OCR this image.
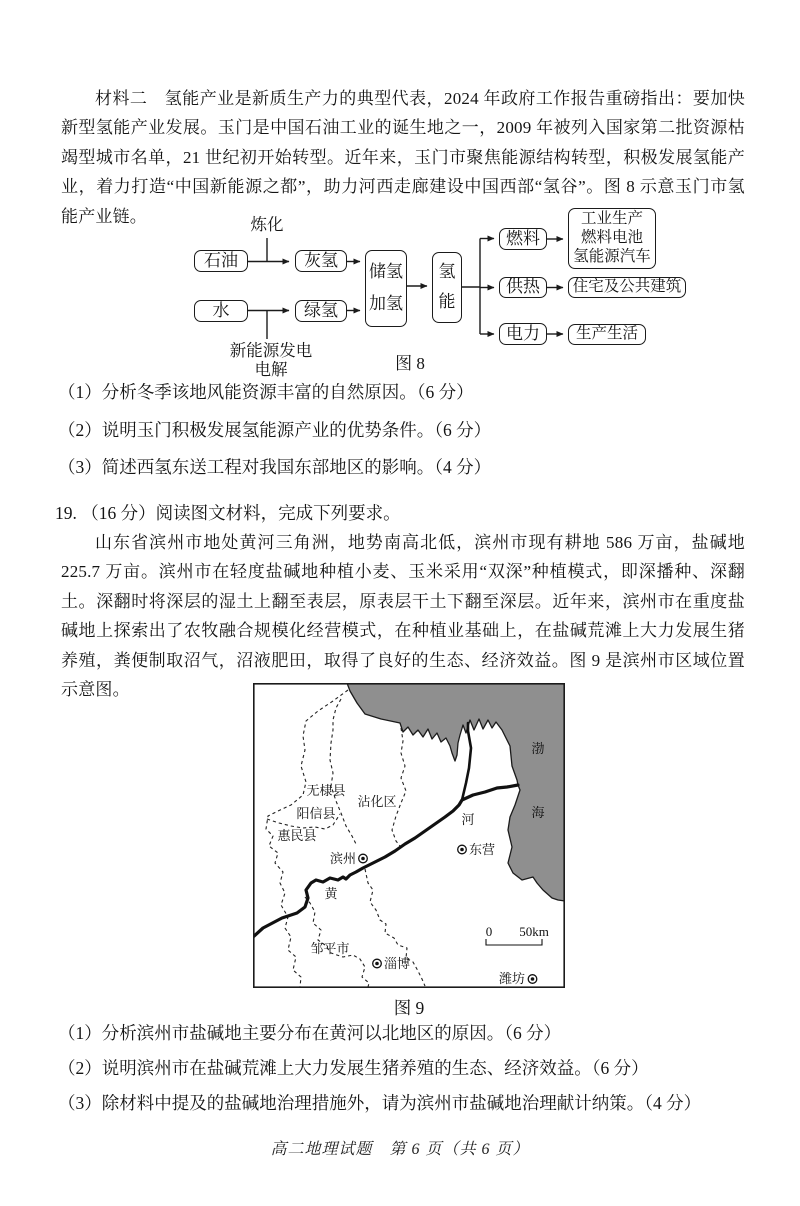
材料二　氢能产业是新质生产力的典型代表，2024 年政府工作报告重磅指出：要加快新型氢能产业发展。玉门是中国石油工业的诞生地之一，2009 年被列入国家第二批资源枯竭型城市名单，21 世纪初开始转型。近年来，玉门市聚焦能源结构转型，积极发展氢能产业，着力打造“中国新能源之都”，助力河西走廊建设中国西部“氢谷”。图 8 示意玉门市氢能产业链。	炼化
新能源发电
电解
石油	灰氢
水	绿氢
储氢
加氢
氢
能
燃料
供热
电力
工业生产
燃料电池
氢能源汽车
住宅及公共建筑
生产生活
图 8
（1）分析冬季该地风能资源丰富的自然原因。（6 分）
（2）说明玉门积极发展氢能源产业的优势条件。（6 分）
（3）简述西氢东送工程对我国东部地区的影响。（4 分）
19. （16 分）阅读图文材料，完成下列要求。
山东省滨州市地处黄河三角洲，地势南高北低，滨州市现有耕地 586 万亩，盐碱地 225.7 万亩。滨州市在轻度盐碱地种植小麦、玉米采用“双深”种植模式，即深播种、深翻土。深翻时将深层的湿土上翻至表层，原表层干土下翻至深层。近年来，滨州市在重度盐碱地上探索出了农牧融合规模化经营模式，在种植业基础上，在盐碱荒滩上大力发展生猪养殖，粪便制取沼气，沼液肥田，取得了良好的生态、经济效益。图 9 是滨州市区域位置示意图。
渤
海
无棣县
沾化区
阳信县
惠民县
邹平市
黄
河
0 50km
滨州
东营
淄博
潍坊
图 9
（1）分析滨州市盐碱地主要分布在黄河以北地区的原因。（6 分）
（2）说明滨州市在盐碱荒滩上大力发展生猪养殖的生态、经济效益。（6 分）
（3）除材料中提及的盐碱地治理措施外，请为滨州市盐碱地治理献计纳策。（4 分）
高二地理试题　第 6 页（共 6 页）
